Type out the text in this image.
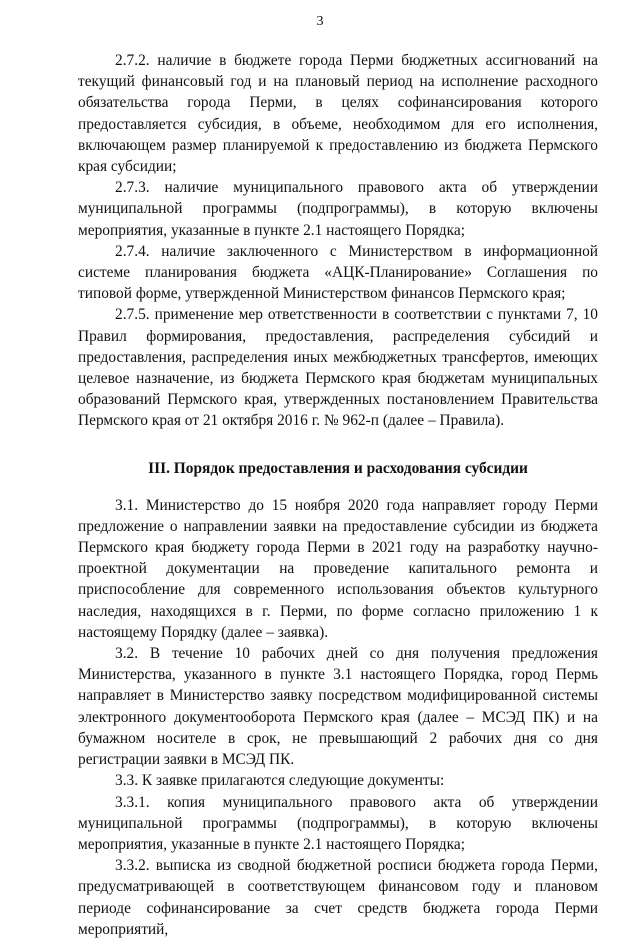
3

2.7.2. наличие в бюджете города Перми бюджетных ассигнований на текущий финансовый год и на плановый период на исполнение расходного обязательства города Перми, в целях софинансирования которого предоставляется субсидия, в объеме, необходимом для его исполнения, включающем размер планируемой к предоставлению из бюджета Пермского края субсидии;

2.7.3. наличие муниципального правового акта об утверждении муниципальной программы (подпрограммы), в которую включены мероприятия, указанные в пункте 2.1 настоящего Порядка;

2.7.4. наличие заключенного с Министерством в информационной системе планирования бюджета «АЦК-Планирование» Соглашения по типовой форме, утвержденной Министерством финансов Пермского края;

2.7.5. применение мер ответственности в соответствии с пунктами 7, 10 Правил формирования, предоставления, распределения субсидий и предоставления, распределения иных межбюджетных трансфертов, имеющих целевое назначение, из бюджета Пермского края бюджетам муниципальных образований Пермского края, утвержденных постановлением Правительства Пермского края от 21 октября 2016 г. № 962-п (далее – Правила).

III. Порядок предоставления и расходования субсидии

3.1. Министерство до 15 ноября 2020 года направляет городу Перми предложение о направлении заявки на предоставление субсидии из бюджета Пермского края бюджету города Перми в 2021 году на разработку научно-проектной документации на проведение капитального ремонта и приспособление для современного использования объектов культурного наследия, находящихся в г. Перми, по форме согласно приложению 1 к настоящему Порядку (далее – заявка).

3.2. В течение 10 рабочих дней со дня получения предложения Министерства, указанного в пункте 3.1 настоящего Порядка, город Пермь направляет в Министерство заявку посредством модифицированной системы электронного документооборота Пермского края (далее – МСЭД ПК) и на бумажном носителе в срок, не превышающий 2 рабочих дня со дня регистрации заявки в МСЭД ПК.

3.3. К заявке прилагаются следующие документы:

3.3.1. копия муниципального правового акта об утверждении муниципальной программы (подпрограммы), в которую включены мероприятия, указанные в пункте 2.1 настоящего Порядка;

3.3.2. выписка из сводной бюджетной росписи бюджета города Перми, предусматривающей в соответствующем финансовом году и плановом периоде софинансирование за счет средств бюджета города Перми мероприятий,
